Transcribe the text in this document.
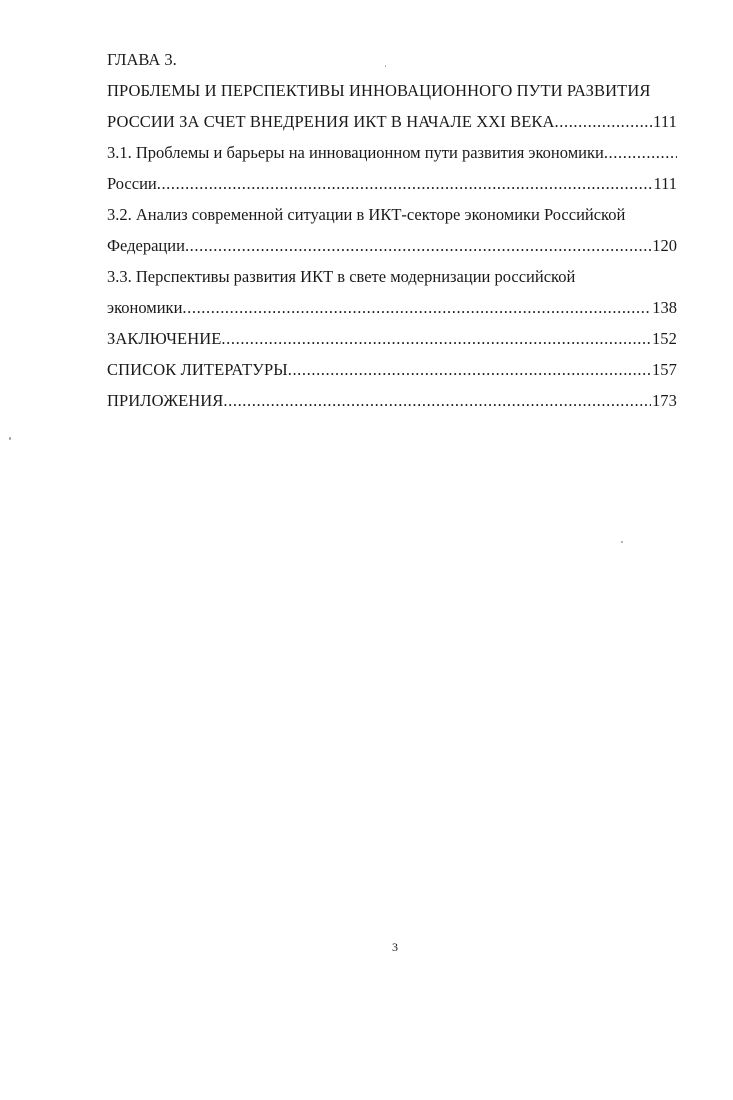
ГЛАВА 3.
ПРОБЛЕМЫ И ПЕРСПЕКТИВЫ ИННОВАЦИОННОГО ПУТИ РАЗВИТИЯ
РОССИИ ЗА СЧЕТ ВНЕДРЕНИЯ ИКТ В НАЧАЛЕ XXI ВЕКА .....	111
3.1. Проблемы и барьеры на инновационном пути развития экономики
.....
России .....	111
3.2. Анализ современной ситуации в ИКТ-секторе экономики Российской
Федерации .....	120
3.3. Перспективы развития ИКТ в свете модернизации российской
экономики .....	138
ЗАКЛЮЧЕНИЕ .....	152
СПИСОК ЛИТЕРАТУРЫ .....	157
ПРИЛОЖЕНИЯ .....	173
3
